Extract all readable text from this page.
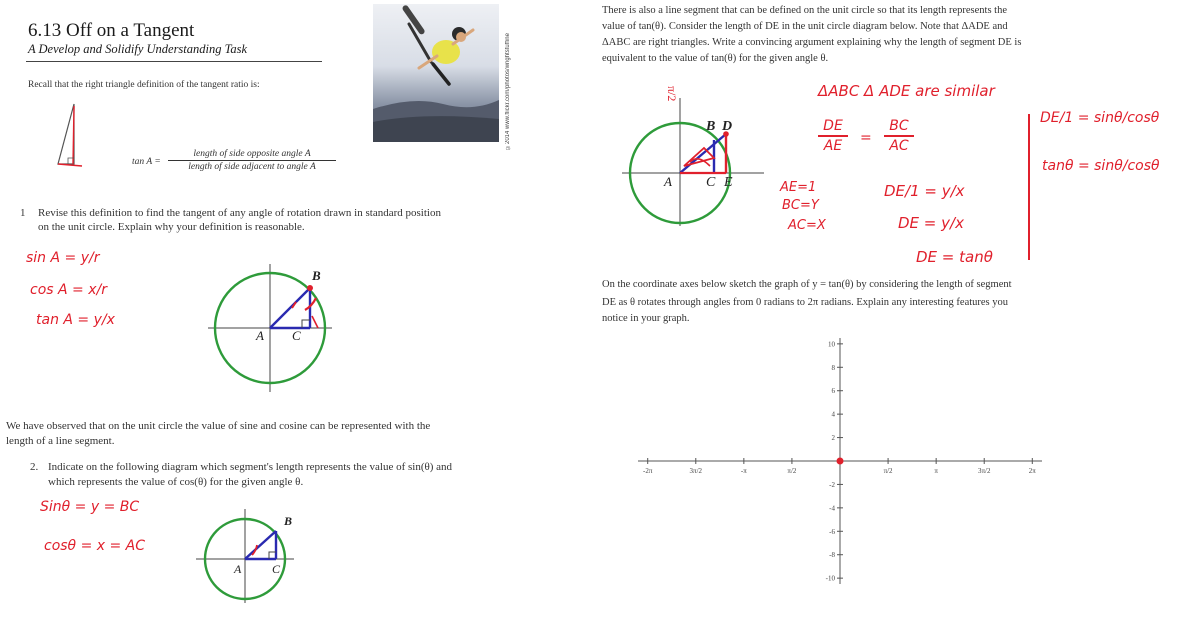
6.13 Off on a Tangent
A Develop and Solidify Understanding Task	©2014 www.flickr.com/photos/wrightstuffine
Recall that the right triangle definition of the tangent ratio is:
tan A =
length of side opposite angle A
length of side adjacent to angle A
1 Revise this definition to find the tangent of any angle of rotation drawn in standard position
on the unit circle. Explain why your definition is reasonable.
sin A = y/r
cos A = x/r
tan A = y/x
A
B
C
We have observed that on the unit circle the value of sine and cosine can be represented with the
length of a line segment.
2. Indicate on the following diagram which segment's length represents the value of sin(θ) and
which represents the value of cos(θ) for the given angle θ.
Sinθ = y = BC
cosθ = x = AC
A
B
C
There is also a line segment that can be defined on the unit circle so that its length represents the
value of tan(θ). Consider the length of DE in the unit circle diagram below. Note that ΔADE and
ΔABC are right triangles. Write a convincing argument explaining why the length of segment DE is
equivalent to the value of tan(θ) for the given angle θ.
A
B D
C E
π/2	ΔABC Δ ADE are similar
DE
AE	=
BC
AC
AE=1
BC=Y
AC=X
DE/1 = y/x
DE = y/x
DE = tanθ
DE/1 = sinθ/cosθ
tanθ = sinθ/cosθ
On the coordinate axes below sketch the graph of y = tan(θ) by considering the length of segment
DE as θ rotates through angles from 0 radians to 2π radians. Explain any interesting features you
notice in your graph.
-2π	3π/2	-π	π/2	π/2	π	3π/2	2π
10
8
6
4
2
-2
-4
-6
-8
-10
